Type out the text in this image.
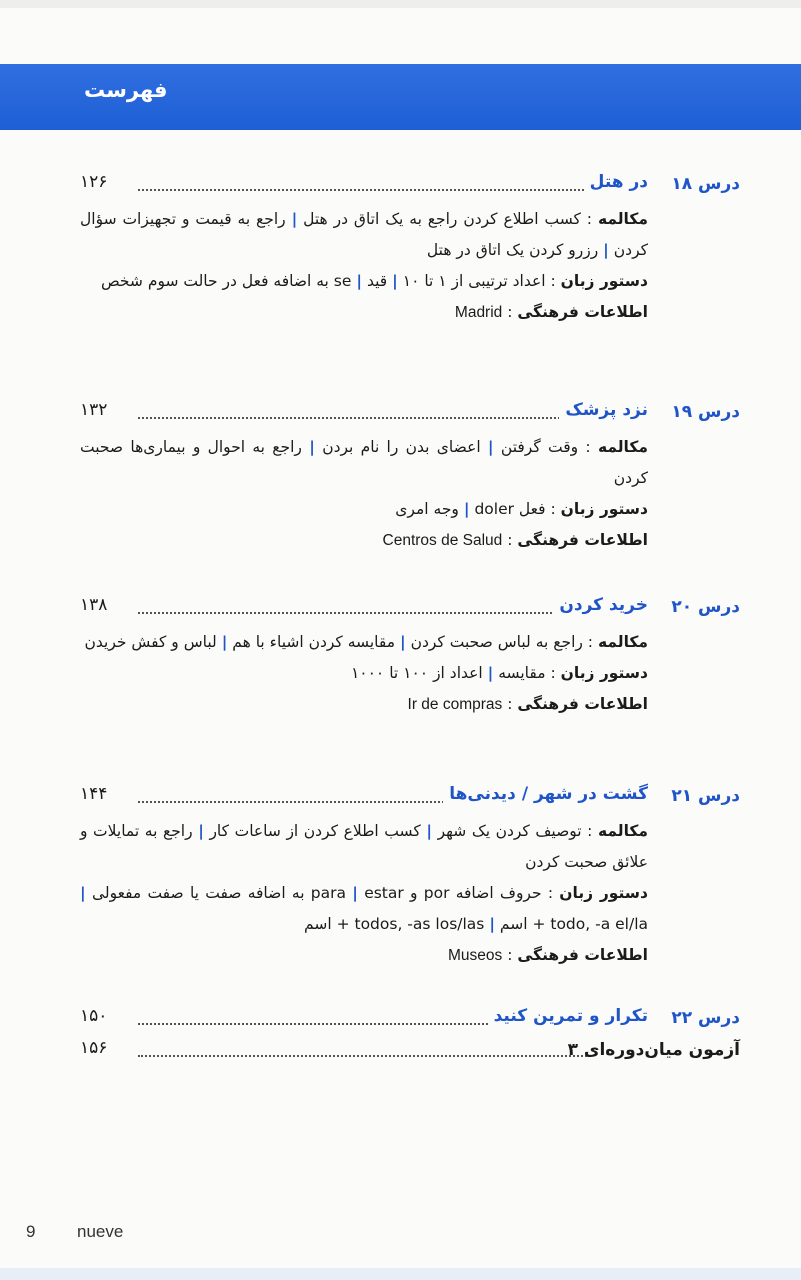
فهرست
درس ۱۸
در هتل
۱۲۶

مکالمه : کسب اطلاع کردن راجع به یک اتاق در هتل | راجع به قیمت و تجهیزات سؤال کردن | رزرو کردن یک اتاق در هتل

دستور زبان : اعداد ترتیبی از ۱ تا ۱۰ | قید | se به اضافه فعل در حالت سوم شخص

اطلاعات فرهنگی : Madrid

درس ۱۹
نزد پزشک
۱۳۲

مکالمه : وقت گرفتن | اعضای بدن را نام بردن | راجع به احوال و بیماری‌ها صحبت کردن

دستور زبان : فعل doler | وجه امری

اطلاعات فرهنگی : Centros de Salud

درس ۲۰
خرید کردن
۱۳۸

مکالمه : راجع به لباس صحبت کردن | مقایسه کردن اشیاء با هم | لباس و کفش خریدن

دستور زبان : مقایسه | اعداد از ۱۰۰ تا ۱۰۰۰

اطلاعات فرهنگی : Ir de compras

درس ۲۱
گشت در شهر / دیدنی‌ها
۱۴۴

مکالمه : توصیف کردن یک شهر | کسب اطلاع کردن از ساعات کار | راجع به تمایلات و علائق صحبت کردن

دستور زبان : حروف اضافه por و para | estar به اضافه صفت یا صفت مفعولی | todo, -a el/la + اسم | todos, -as los/las + اسم

اطلاعات فرهنگی : Museos

درس ۲۲
تکرار و تمرین کنید
۱۵۰
آزمون میان‌دوره‌ای ۳
۱۵۶
9 nueve
